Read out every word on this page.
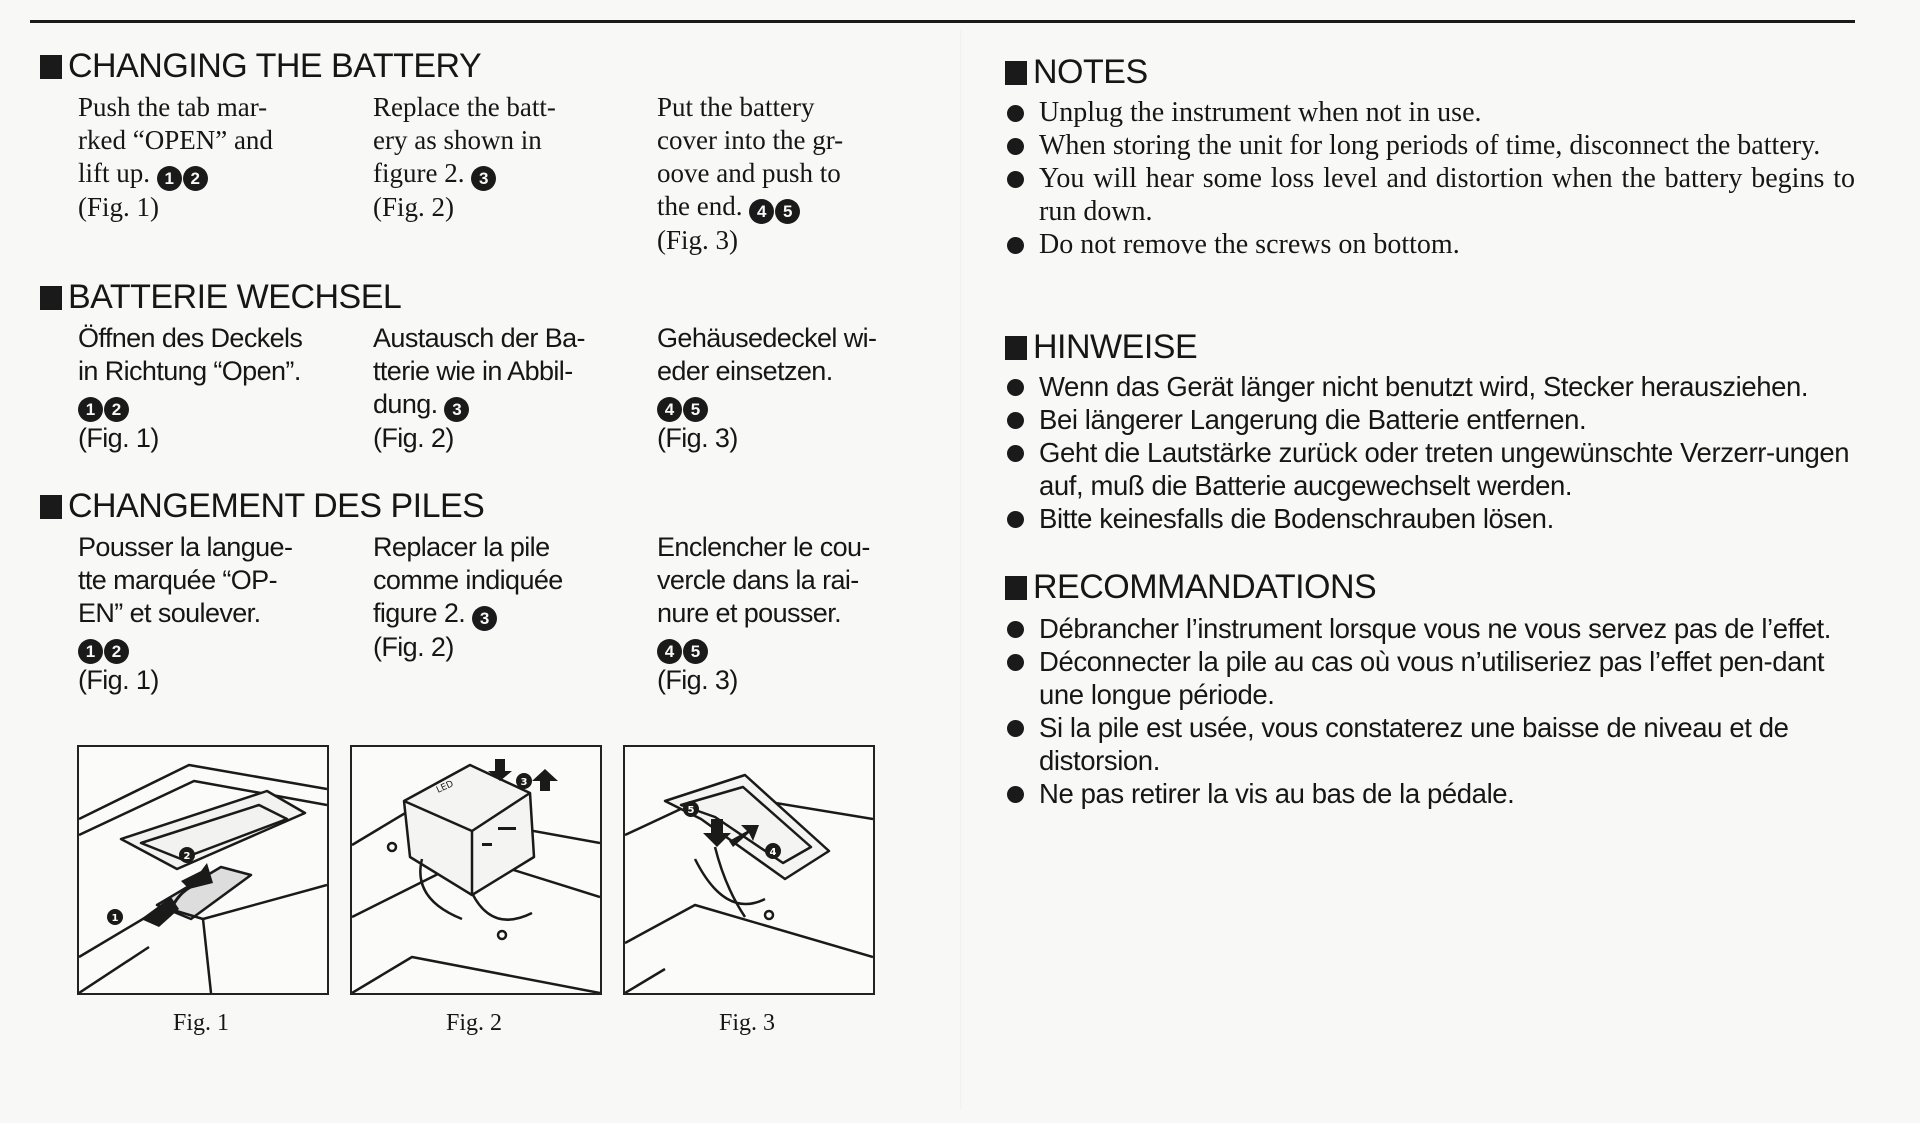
CHANGING THE BATTERY
Push the tab mar-
rked “OPEN” and
lift up. 1 2
(Fig. 1)
Replace the batt-
ery as shown in
figure 2. 3
(Fig. 2)
Put the battery
cover into the gr-
oove and push to
the end. 4 5
(Fig. 3)
BATTERIE WECHSEL
Öffnen des Deckels
in Richtung “Open”.
1 2
(Fig. 1)
Austausch der Ba-
tterie wie in Abbil-
dung. 3
(Fig. 2)
Gehäusedeckel wi-
eder einsetzen.
4 5
(Fig. 3)
CHANGEMENT DES PILES
Pousser la langue-
tte marquée “OP-
EN” et soulever.
1 2
(Fig. 1)
Replacer la pile
comme indiquée
figure 2. 3
(Fig. 2)
Enclencher le cou-
vercle dans la rai-
nure et pousser.
4 5
(Fig. 3)
2
1
Fig. 1
LED	3
Fig. 2
5
4
Fig. 3
NOTES
Unplug the instrument when not in use.
When storing the unit for long periods of time, disconnect the battery.
You will hear some loss level and distortion when the battery begins to run down.
Do not remove the screws on bottom.
HINWEISE
Wenn das Gerät länger nicht benutzt wird, Stecker herausziehen.
Bei längerer Langerung die Batterie entfernen.
Geht die Lautstärke zurück oder treten ungewünschte Verzerr-ungen auf, muß die Batterie aucgewechselt werden.
Bitte keinesfalls die Bodenschrauben lösen.
RECOMMANDATIONS
Débrancher l’instrument lorsque vous ne vous servez pas de l’effet.
Déconnecter la pile au cas où vous n’utiliseriez pas l’effet pen-dant une longue période.
Si la pile est usée, vous constaterez une baisse de niveau et de distorsion.
Ne pas retirer la vis au bas de la pédale.
